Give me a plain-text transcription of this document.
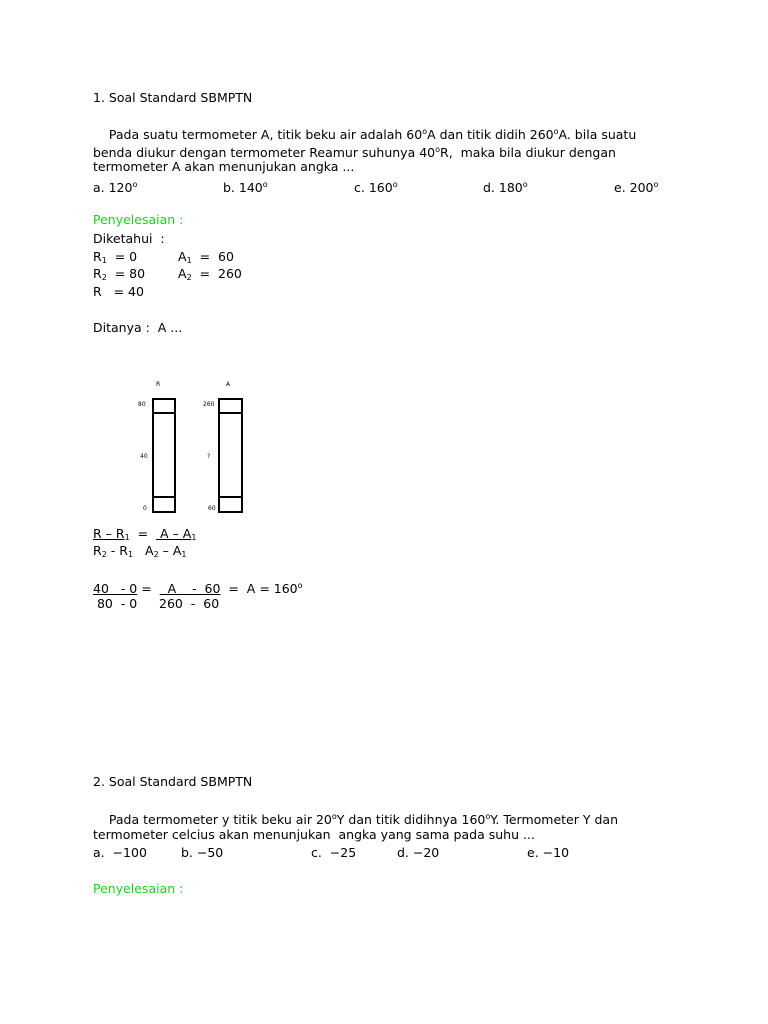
1. Soal Standard SBMPTN
Pada suatu termometer A, titik beku air adalah 60$^o$A dan titik didih 260$^o$A. bila suatu
benda diukur dengan termometer Reamur suhunya 40$^o$R,  maka bila diukur dengan
termometer A akan menunjukan angka ...
a. 120$^o$	b. 140$^o$	c. 160$^o$	d. 180$^o$	e. 200$^o$
Penyelesaian :
Diketahui  :
$R_1 = 0$	$A_1 = 60$
$R_2 = 80$	$A_2 = 260$
R   = 40
Ditanya :  A ...
R	A
80
40
0
260
?
60
$R - R_1 = A - A_1$
$R_2 - R_1$ $A_2 - A_1$
40   - 0 =    A    -  $60 = A = 160^o$
80  - 0 260  -  60
2. Soal Standard SBMPTN
Pada termometer y titik beku air 20$^o$Y dan titik didihnya 160$^o$Y. Termometer Y dan
termometer celcius akan menunjukan  angka yang sama pada suhu ...
a.  −100	b. −50	c.  −25	d. −20	e. −10
Penyelesaian :
